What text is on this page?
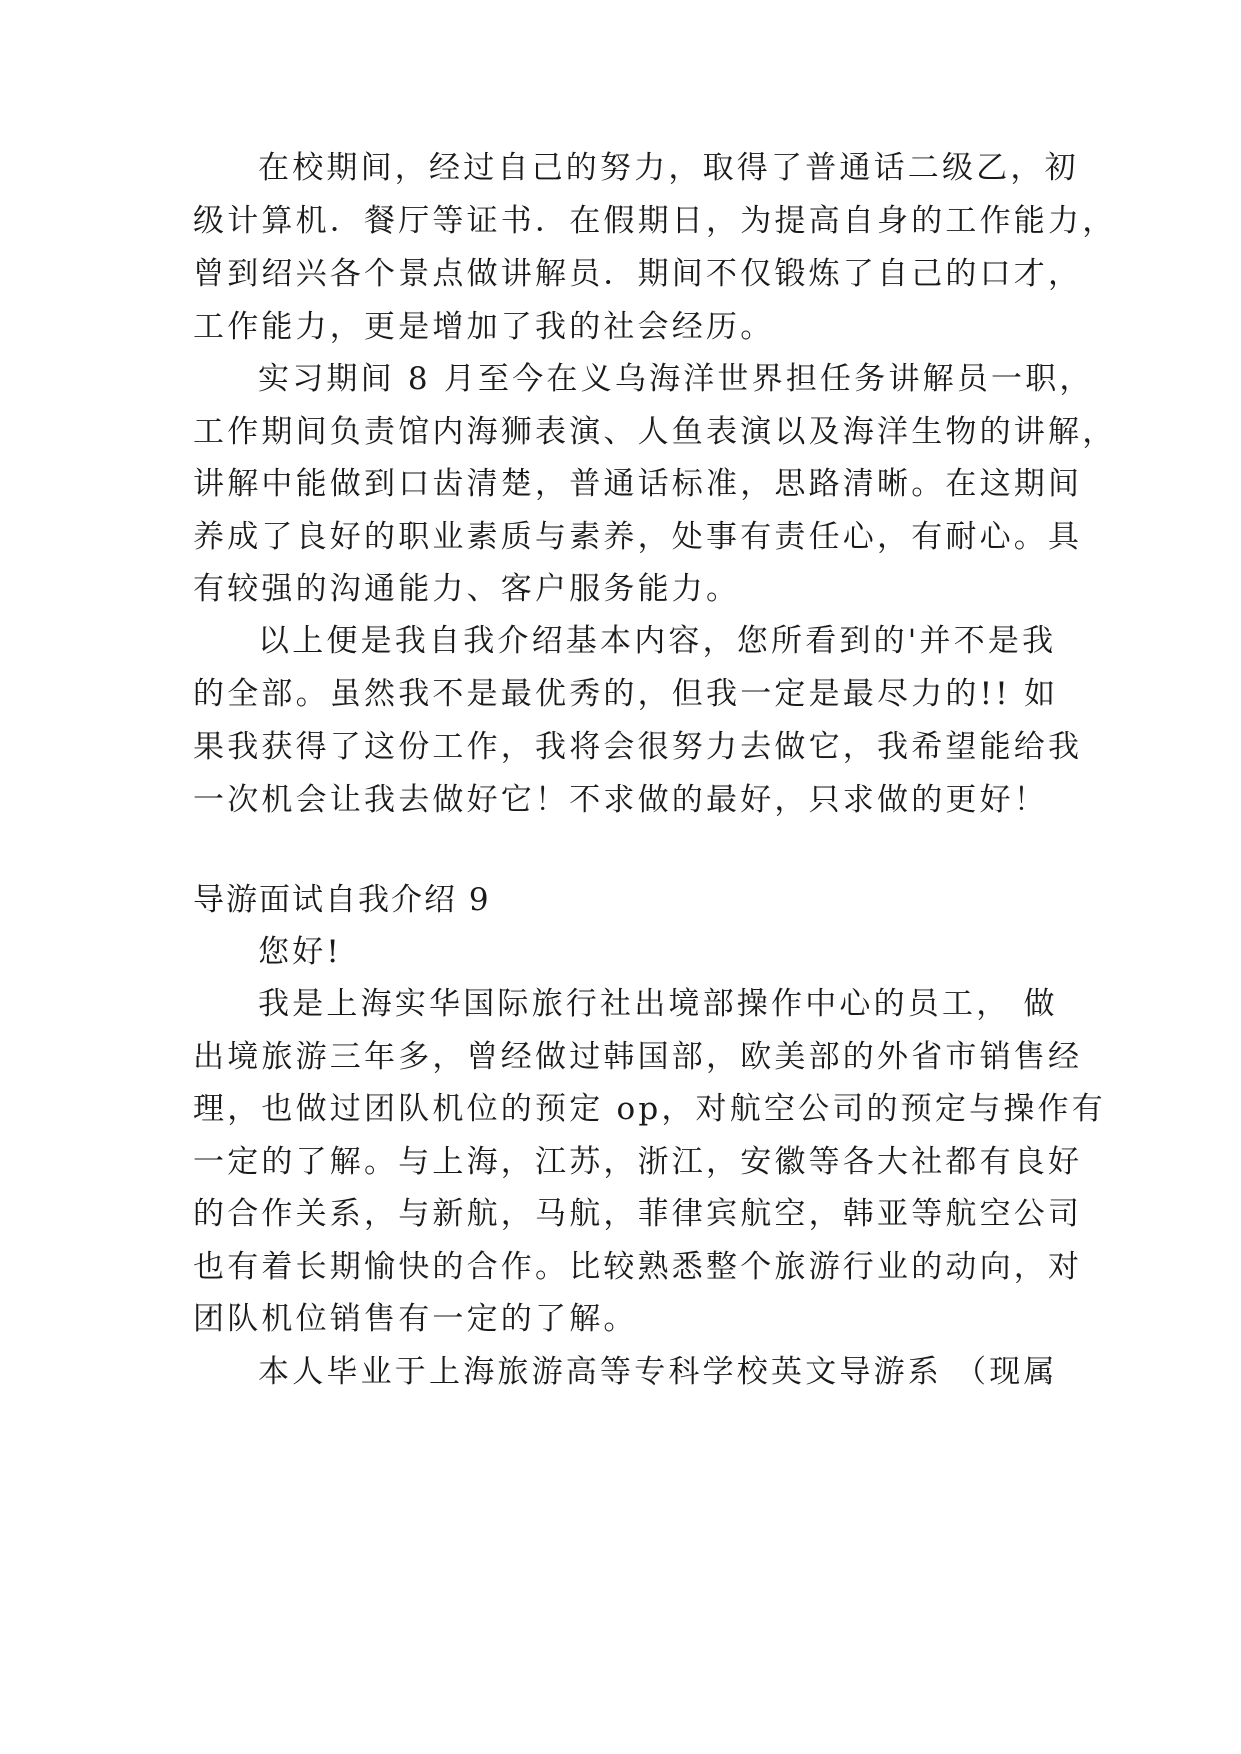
在校期间，经过自己的努力，取得了普通话二级乙，初
级计算机．餐厅等证书．在假期日，为提高自身的工作能力，
曾到绍兴各个景点做讲解员．期间不仅锻炼了自己的口才，
工作能力，更是增加了我的社会经历。
实习期间 8 月至今在义乌海洋世界担任务讲解员一职，
工作期间负责馆内海狮表演、人鱼表演以及海洋生物的讲解，
讲解中能做到口齿清楚，普通话标准，思路清晰。在这期间
养成了良好的职业素质与素养，处事有责任心，有耐心。具
有较强的沟通能力、客户服务能力。
以上便是我自我介绍基本内容，您所看到的'并不是我
的全部。虽然我不是最优秀的，但我一定是最尽力的!! 如
果我获得了这份工作，我将会很努力去做它，我希望能给我
一次机会让我去做好它！不求做的最好，只求做的更好！
导游面试自我介绍 9
您好!
我是上海实华国际旅行社出境部操作中心的员工， 做
出境旅游三年多，曾经做过韩国部，欧美部的外省市销售经
理，也做过团队机位的预定 op，对航空公司的预定与操作有
一定的了解。与上海，江苏，浙江，安徽等各大社都有良好
的合作关系，与新航，马航，菲律宾航空，韩亚等航空公司
也有着长期愉快的合作。比较熟悉整个旅游行业的动向，对
团队机位销售有一定的了解。
本人毕业于上海旅游高等专科学校英文导游系 （现属
